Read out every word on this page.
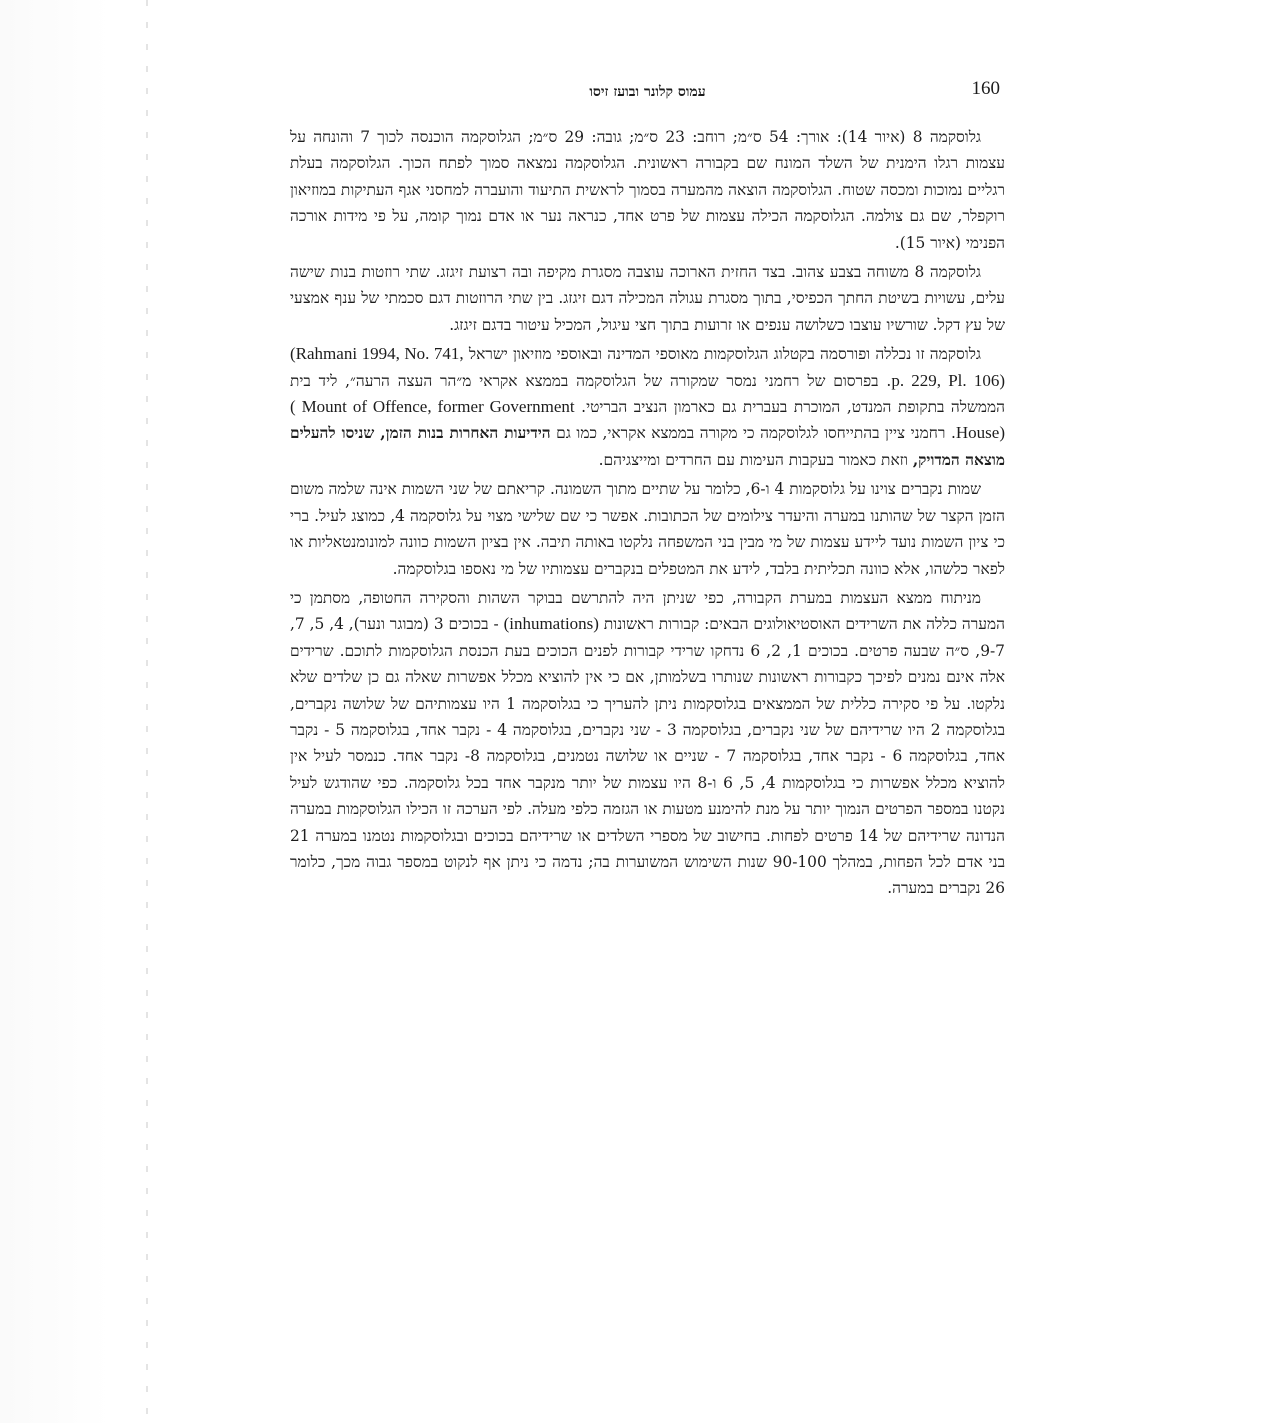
160
עמוס קלונר ובועז זיסו

גלוסקמה 8 (איור 14): אורך: 54 ס״מ; רוחב: 23 ס״מ; גובה: 29 ס״מ; הגלוסקמה הוכנסה לכוך 7 והונחה על עצמות רגלו הימנית של השלד המונח שם בקבורה ראשונית. הגלוסקמה נמצאה סמוך לפתח הכוך. הגלוסקמה בעלת רגליים נמוכות ומכסה שטוח. הגלוסקמה הוצאה מהמערה בסמוך לראשית התיעוד והועברה למחסני אגף העתיקות במוזיאון רוקפלר, שם גם צולמה. הגלוסקמה הכילה עצמות של פרט אחד, כנראה נער או אדם נמוך קומה, על פי מידות אורכה הפנימי (איור 15).

גלוסקמה 8 משוחה בצבע צהוב. בצד החזית הארוכה עוצבה מסגרת מקיפה ובה רצועת זיגזג. שתי רוזטות בנות שישה עלים, עשויות בשיטת החתך הכפיסי, בתוך מסגרת עגולה המכילה דגם זיגזג. בין שתי הרוזטות דגם סכמתי של ענף אמצעי של עץ דקל. שורשיו עוצבו כשלושה ענפים או זרועות בתוך חצי עיגול, המכיל עיטור בדגם זיגזג.

גלוסקמה זו נכללה ופורסמה בקטלוג הגלוסקמות מאוספי המדינה ובאוספי מוזיאון ישראל (Rahmani 1994, No. 741, p. 229, Pl. 106). בפרסום של רחמני נמסר שמקורה של הגלוסקמה בממצא אקראי מ״הר העצה הרעה״, ליד בית הממשלה בתקופת המנדט, המוכרת בעברית גם כארמון הנציב הבריטי. ( Mount of Offence, former Government House). רחמני ציין בהתייחסו לגלוסקמה כי מקורה בממצא אקראי, כמו גם הידיעות האחרות בנות הזמן, שניסו להעלים מוצאה המדויק, וזאת כאמור בעקבות העימות עם החרדים ומייצגיהם.

שמות נקברים צוינו על גלוסקמות 4 ו-6, כלומר על שתיים מתוך השמונה. קריאתם של שני השמות אינה שלמה משום הזמן הקצר של שהותנו במערה והיעדר צילומים של הכתובות. אפשר כי שם שלישי מצוי על גלוסקמה 4, כמוצג לעיל. ברי כי ציון השמות נועד ליידע עצמות של מי מבין בני המשפחה נלקטו באותה תיבה. אין בציון השמות כוונה למונומנטאליות או לפאר כלשהו, אלא כוונה תכליתית בלבד, לידע את המטפלים בנקברים עצמותיו של מי נאספו בגלוסקמה.

מניתוח ממצא העצמות במערת הקבורה, כפי שניתן היה להתרשם בבוקר השהות והסקירה החטופה, מסתמן כי המערה כללה את השרידים האוסטיאולוגים הבאים: קבורות ראשונות (inhumations) - בכוכים 3 (מבוגר ונער), 4, 5, 7, 9-7, ס״ה שבעה פרטים. בכוכים 1, 2, 6 נדחקו שרידי קבורות לפנים הכוכים בעת הכנסת הגלוסקמות לתוכם. שרידים אלה אינם נמנים לפיכך כקבורות ראשונות שנותרו בשלמותן, אם כי אין להוציא מכלל אפשרות שאלה גם כן שלדים שלא נלקטו. על פי סקירה כללית של הממצאים בגלוסקמות ניתן להעריך כי בגלוסקמה 1 היו עצמותיהם של שלושה נקברים, בגלוסקמה 2 היו שרידיהם של שני נקברים, בגלוסקמה 3 - שני נקברים, בגלוסקמה 4 - נקבר אחד, בגלוסקמה 5 - נקבר אחד, בגלוסקמה 6 - נקבר אחד, בגלוסקמה 7 - שניים או שלושה נטמנים, בגלוסקמה 8- נקבר אחד. כנמסר לעיל אין להוציא מכלל אפשרות כי בגלוסקמות 4, 5, 6 ו-8 היו עצמות של יותר מנקבר אחד בכל גלוסקמה. כפי שהודגש לעיל נקטנו במספר הפרטים הנמוך יותר על מנת להימנע מטעות או הגזמה כלפי מעלה. לפי הערכה זו הכילו הגלוסקמות במערה הנדונה שרידיהם של 14 פרטים לפחות. בחישוב של מספרי השלדים או שרידיהם בכוכים ובגלוסקמות נטמנו במערה 21 בני אדם לכל הפחות, במהלך 90-100 שנות השימוש המשוערות בה; נדמה כי ניתן אף לנקוט במספר גבוה מכך, כלומר 26 נקברים במערה.
